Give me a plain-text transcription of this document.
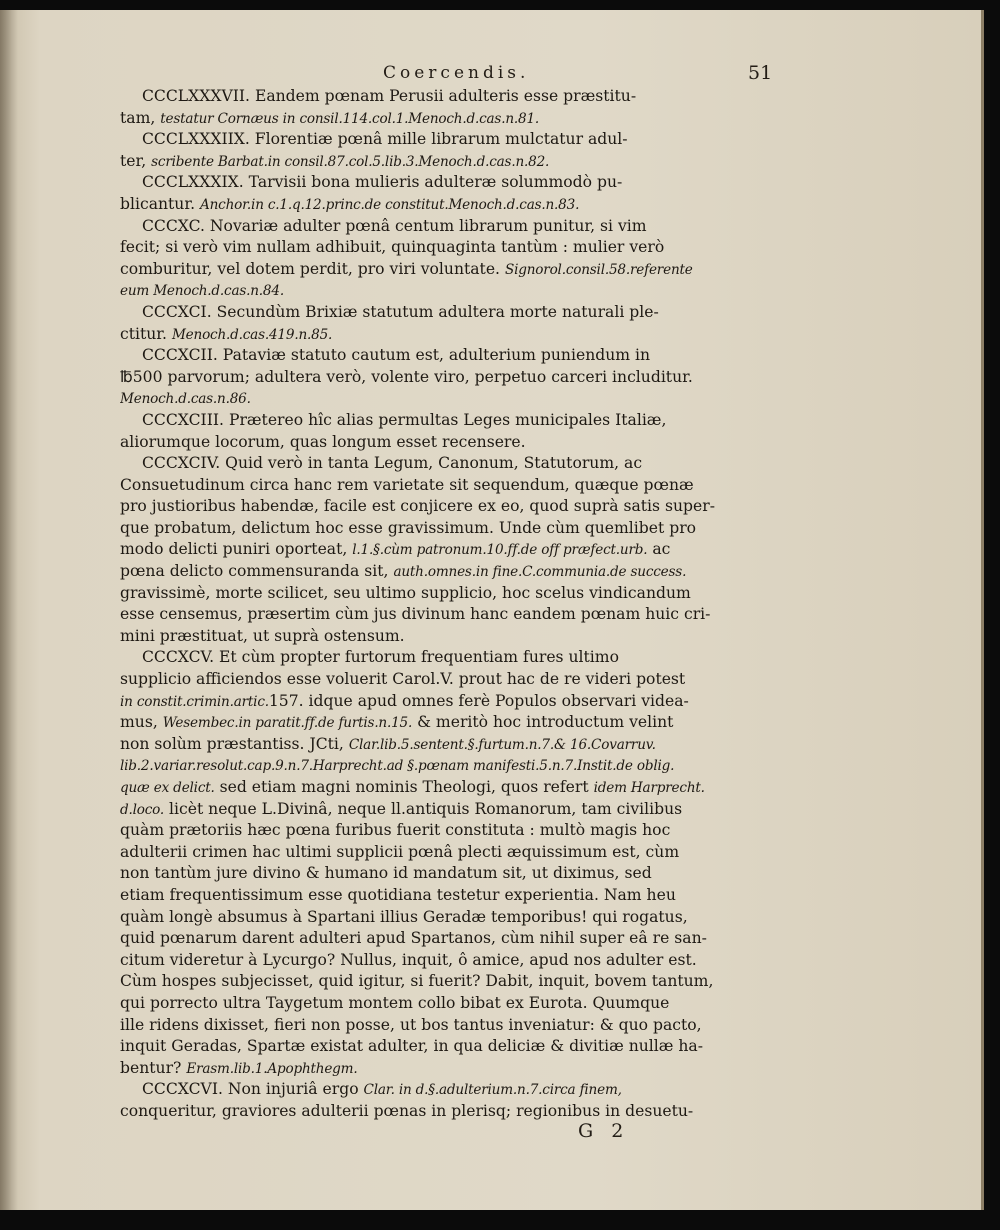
Coercendis.	51
CCCLXXXVII. Eandem pœnam Perusii adulteris esse præstitu-
tam, testatur Cornæus in consil.114.col.1.Menoch.d.cas.n.81.
CCCLXXXIIX. Florentiæ pœnâ mille librarum mulctatur adul-
ter, scribente Barbat.in consil.87.col.5.lib.3.Menoch.d.cas.n.82.
CCCLXXXIX. Tarvisii bona mulieris adulteræ solummodò pu-
blicantur. Anchor.in c.1.q.12.princ.de constitut.Menoch.d.cas.n.83.
CCCXC. Novariæ adulter pœnâ centum librarum punitur, si vim
fecit; si verò vim nullam adhibuit, quinquaginta tantùm : mulier verò
comburitur, vel dotem perdit, pro viri voluntate. Signorol.consil.58.referente
eum Menoch.d.cas.n.84.
CCCXCI. Secundùm Brixiæ statutum adultera morte naturali ple-
ctitur. Menoch.d.cas.419.n.85.
CCCXCII. Pataviæ statuto cautum est, adulterium puniendum in
℔500 parvorum; adultera verò, volente viro, perpetuo carceri includitur.
Menoch.d.cas.n.86.
CCCXCIII. Prætereo hîc alias permultas Leges municipales Italiæ,
aliorumque locorum, quas longum esset recensere.
CCCXCIV. Quid verò in tanta Legum, Canonum, Statutorum, ac
Consuetudinum circa hanc rem varietate sit sequendum, quæque pœnæ
pro justioribus habendæ, facile est conjicere ex eo, quod suprà satis super-
que probatum, delictum hoc esse gravissimum. Unde cùm quemlibet pro
modo delicti puniri oporteat, l.1.§.cùm patronum.10.ff.de off præfect.urb. ac
pœna delicto commensuranda sit, auth.omnes.in fine.C.communia.de success.
gravissimè, morte scilicet, seu ultimo supplicio, hoc scelus vindicandum
esse censemus, præsertim cùm jus divinum hanc eandem pœnam huic cri-
mini præstituat, ut suprà ostensum.
CCCXCV. Et cùm propter furtorum frequentiam fures ultimo
supplicio afficiendos esse voluerit Carol.V. prout hac de re videri potest
in constit.crimin.artic.157. idque apud omnes ferè Populos observari videa-
mus, Wesembec.in paratit.ff.de furtis.n.15. & meritò hoc introductum velint
non solùm præstantiss. JCti, Clar.lib.5.sentent.§.furtum.n.7.& 16.Covarruv.
lib.2.variar.resolut.cap.9.n.7.Harprecht.ad §.pœnam manifesti.5.n.7.Instit.de oblig.
quæ ex delict. sed etiam magni nominis Theologi, quos refert idem Harprecht.
d.loco. licèt neque L.Divinâ, neque ll.antiquis Romanorum, tam civilibus
quàm prætoriis hæc pœna furibus fuerit constituta : multò magis hoc
adulterii crimen hac ultimi supplicii pœnâ plecti æquissimum est, cùm
non tantùm jure divino & humano id mandatum sit, ut diximus, sed
etiam frequentissimum esse quotidiana testetur experientia. Nam heu
quàm longè absumus à Spartani illius Geradæ temporibus! qui rogatus,
quid pœnarum darent adulteri apud Spartanos, cùm nihil super eâ re san-
citum videretur à Lycurgo? Nullus, inquit, ô amice, apud nos adulter est.
Cùm hospes subjecisset, quid igitur, si fuerit? Dabit, inquit, bovem tantum,
qui porrecto ultra Taygetum montem collo bibat ex Eurota. Quumque
ille ridens dixisset, fieri non posse, ut bos tantus inveniatur: & quo pacto,
inquit Geradas, Spartæ existat adulter, in qua deliciæ & divitiæ nullæ ha-
bentur? Erasm.lib.1.Apophthegm.
CCCXCVI. Non injuriâ ergo Clar. in d.§.adulterium.n.7.circa finem,
conqueritur, graviores adulterii pœnas in plerisq; regionibus in desuetu-
G 2
